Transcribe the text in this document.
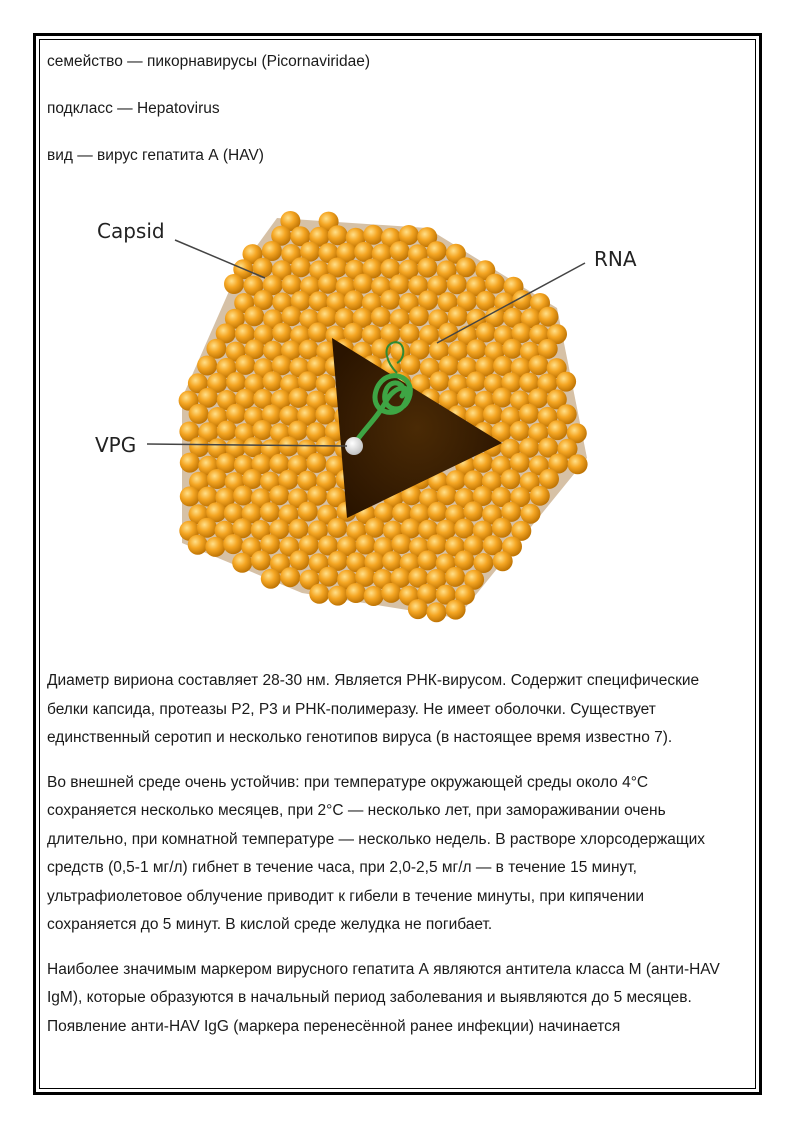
семейство — пикорнавирусы (Picornaviridae)

подкласс — Hepatovirus

вид — вирус гепатита А (HAV)

Capsid
RNA
VPG

Диаметр вириона составляет 28-30 нм. Является РНК-вирусом. Содержит специфические белки капсида, протеазы Р2, Р3 и РНК-полимеразу. Не имеет оболочки. Существует единственный серотип и несколько генотипов вируса (в настоящее время известно 7).

Во внешней среде очень устойчив: при температуре окружающей среды около 4°С сохраняется несколько месяцев, при 2°С — несколько лет, при замораживании очень длительно, при комнатной температуре — несколько недель. В растворе хлорсодержащих средств (0,5-1 мг/л) гибнет в течение часа, при 2,0-2,5 мг/л — в течение 15 минут, ультрафиолетовое облучение приводит к гибели в течение минуты, при кипячении сохраняется до 5 минут. В кислой среде желудка не погибает.

Наиболее значимым маркером вирусного гепатита А являются антитела класса М (анти-HAV IgM), которые образуются в начальный период заболевания и выявляются до 5 месяцев. Появление анти-HAV IgG (маркера перенесённой ранее инфекции) начинается
